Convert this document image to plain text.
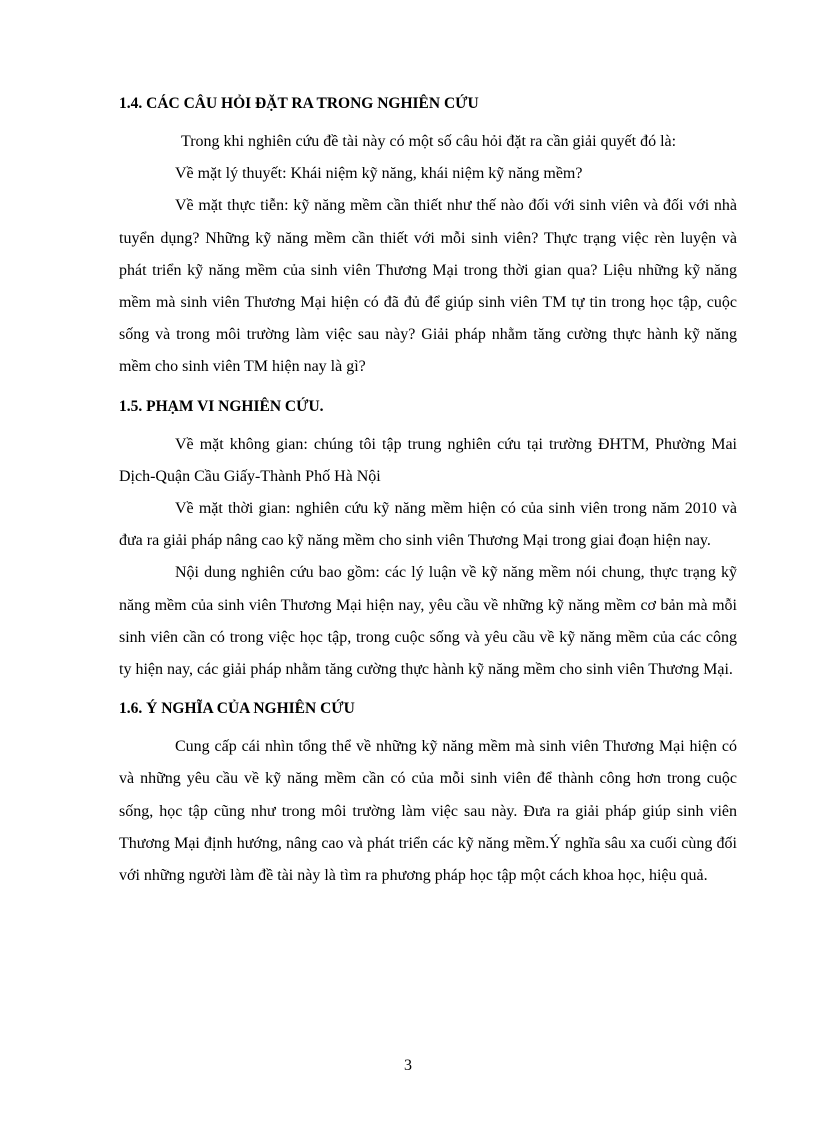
1.4. CÁC CÂU HỎI ĐẶT RA TRONG NGHIÊN CỨU

Trong khi nghiên cứu đề tài này có một số câu hỏi đặt ra cần giải quyết đó là:

Về mặt lý thuyết: Khái niệm kỹ năng, khái niệm kỹ năng mềm?

Về mặt thực tiễn: kỹ năng mềm cần thiết như thế nào đối với sinh viên và đối với nhà tuyển dụng? Những kỹ năng mềm cần thiết với mỗi sinh viên? Thực trạng việc rèn luyện và phát triển kỹ năng mềm của sinh viên Thương Mại trong thời gian qua? Liệu những kỹ năng mềm mà sinh viên Thương Mại hiện có đã đủ để giúp sinh viên TM tự tin trong học tập, cuộc sống và trong môi trường làm việc sau này? Giải pháp nhằm tăng cường thực hành kỹ năng mềm cho sinh viên TM hiện nay là gì?

1.5. PHẠM VI NGHIÊN CỨU.

Về mặt không gian: chúng tôi tập trung nghiên cứu tại trường ĐHTM, Phường Mai Dịch-Quận Cầu Giấy-Thành Phố Hà Nội

Về mặt thời gian: nghiên cứu kỹ năng mềm hiện có của sinh viên trong năm 2010 và đưa ra giải pháp nâng cao kỹ năng mềm cho sinh viên Thương Mại trong giai đoạn hiện nay.

Nội dung nghiên cứu bao gồm: các lý luận về kỹ năng mềm nói chung, thực trạng kỹ năng mềm của sinh viên Thương Mại hiện nay, yêu cầu về những kỹ năng mềm cơ bản mà mỗi sinh viên cần có trong việc học tập, trong cuộc sống và yêu cầu về kỹ năng mềm của các công ty hiện nay, các giải pháp nhằm tăng cường thực hành kỹ năng mềm cho sinh viên Thương Mại.

1.6. Ý NGHĨA CỦA NGHIÊN CỨU

Cung cấp cái nhìn tổng thể về những kỹ năng mềm mà sinh viên Thương Mại hiện có và những yêu cầu về kỹ năng mềm cần có của mỗi sinh viên để thành công hơn trong cuộc sống, học tập cũng như trong môi trường làm việc sau này. Đưa ra giải pháp giúp sinh viên Thương Mại định hướng, nâng cao và phát triển các kỹ năng mềm.Ý nghĩa sâu xa cuối cùng đối với những người làm đề tài này là tìm ra phương pháp học tập một cách khoa học, hiệu quả.

3
